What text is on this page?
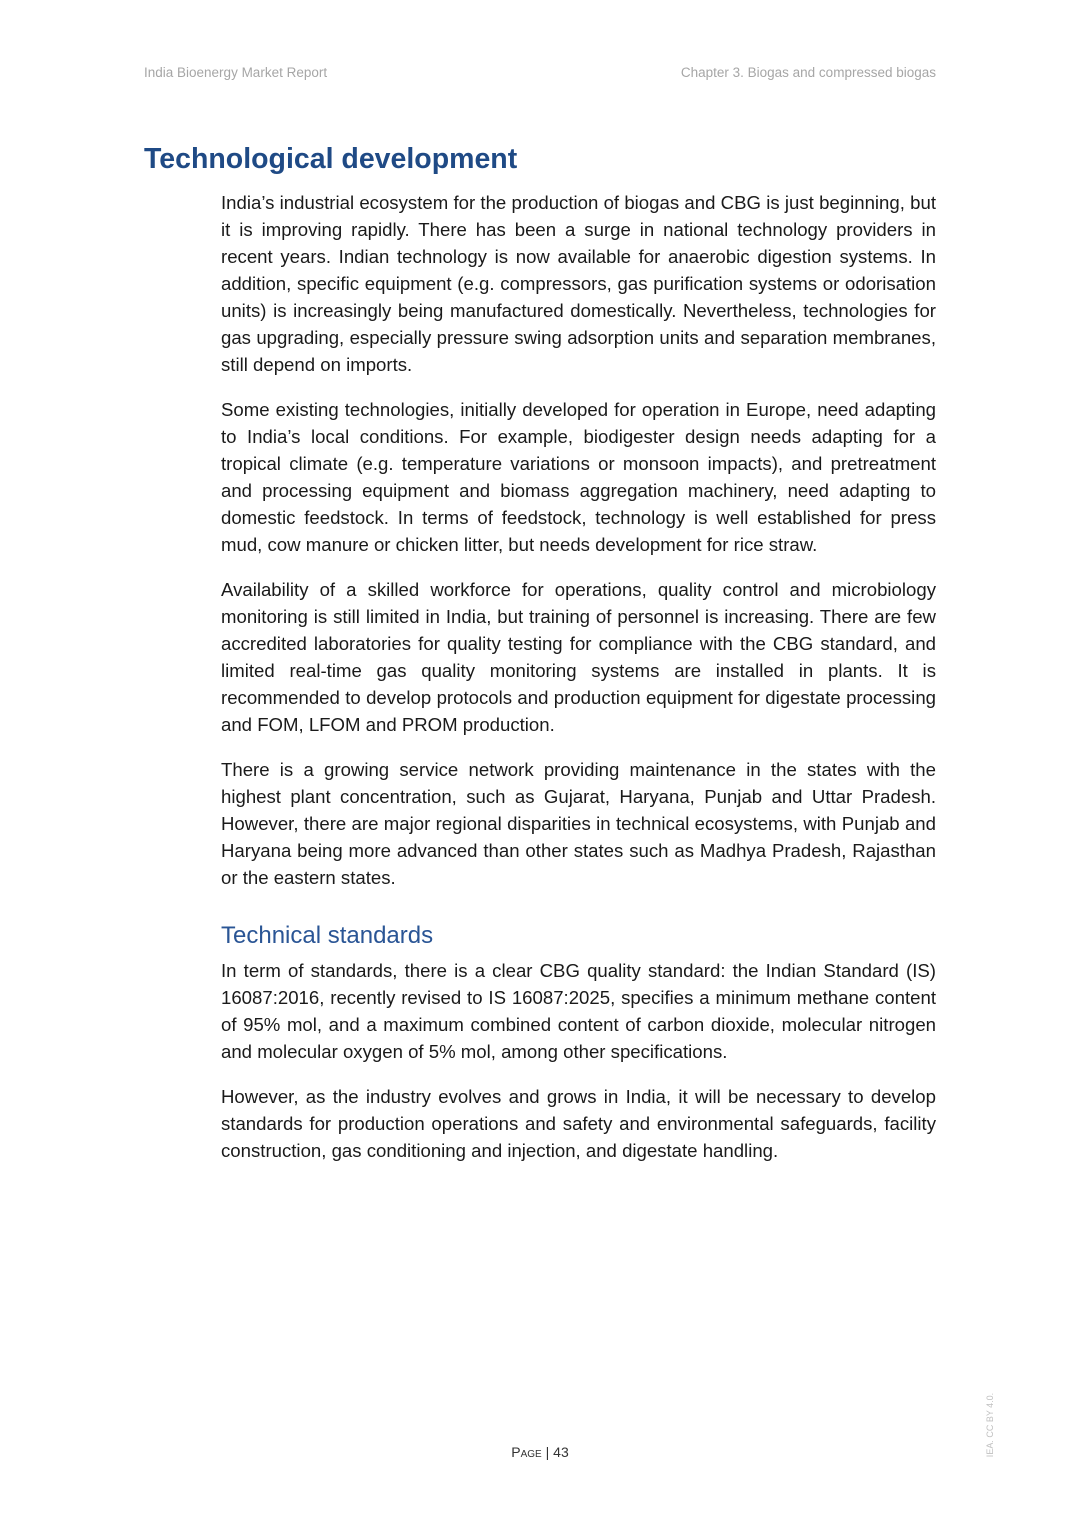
India Bioenergy Market Report	Chapter 3. Biogas and compressed biogas
Technological development

India’s industrial ecosystem for the production of biogas and CBG is just beginning, but it is improving rapidly. There has been a surge in national technology providers in recent years. Indian technology is now available for anaerobic digestion systems. In addition, specific equipment (e.g. compressors, gas purification systems or odorisation units) is increasingly being manufactured domestically. Nevertheless, technologies for gas upgrading, especially pressure swing adsorption units and separation membranes, still depend on imports.

Some existing technologies, initially developed for operation in Europe, need adapting to India’s local conditions. For example, biodigester design needs adapting for a tropical climate (e.g. temperature variations or monsoon impacts), and pretreatment and processing equipment and biomass aggregation machinery, need adapting to domestic feedstock. In terms of feedstock, technology is well established for press mud, cow manure or chicken litter, but needs development for rice straw.

Availability of a skilled workforce for operations, quality control and microbiology monitoring is still limited in India, but training of personnel is increasing. There are few accredited laboratories for quality testing for compliance with the CBG standard, and limited real-time gas quality monitoring systems are installed in plants. It is recommended to develop protocols and production equipment for digestate processing and FOM, LFOM and PROM production.

There is a growing service network providing maintenance in the states with the highest plant concentration, such as Gujarat, Haryana, Punjab and Uttar Pradesh. However, there are major regional disparities in technical ecosystems, with Punjab and Haryana being more advanced than other states such as Madhya Pradesh, Rajasthan or the eastern states.

Technical standards

In term of standards, there is a clear CBG quality standard: the Indian Standard (IS) 16087:2016, recently revised to IS 16087:2025, specifies a minimum methane content of 95% mol, and a maximum combined content of carbon dioxide, molecular nitrogen and molecular oxygen of 5% mol, among other specifications.

However, as the industry evolves and grows in India, it will be necessary to develop standards for production operations and safety and environmental safeguards, facility construction, gas conditioning and injection, and digestate handling.

Page | 43	IEA. CC BY 4.0.
